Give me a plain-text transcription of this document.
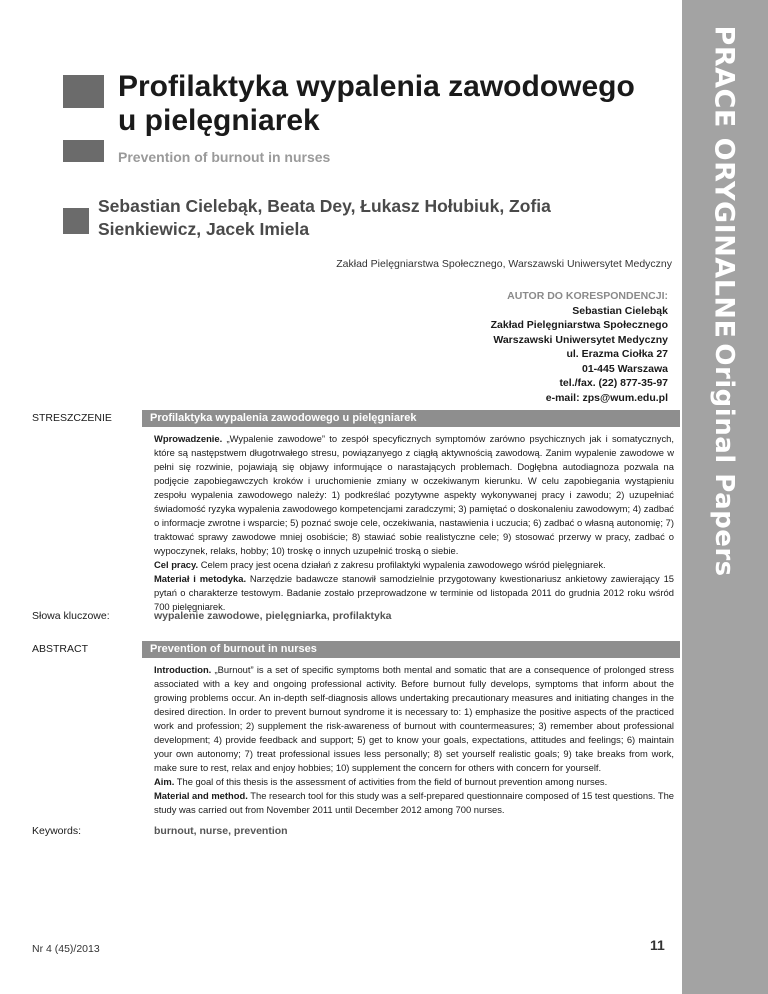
PRACE ORYGINALNE
Original Papers
Profilaktyka wypalenia zawodowego u pielęgniarek
Prevention of burnout in nurses
Sebastian Cielebąk, Beata Dey, Łukasz Hołubiuk, Zofia Sienkiewicz, Jacek Imiela
Zakład Pielęgniarstwa Społecznego, Warszawski Uniwersytet Medyczny
AUTOR DO KORESPONDENCJI:
Sebastian Cielebąk
Zakład Pielęgniarstwa Społecznego
Warszawski Uniwersytet Medyczny
ul. Erazma Ciołka 27
01-445 Warszawa
tel./fax. (22) 877-35-97
e-mail: zps@wum.edu.pl
STRESZCZENIE	Profilaktyka wypalenia zawodowego u pielęgniarek

Wprowadzenie. „Wypalenie zawodowe” to zespół specyficznych symptomów zarówno psychicznych jak i somatycznych, które są następstwem długotrwałego stresu, powiązanyego z ciągłą aktywnością zawodową. Zanim wypalenie zawodowe w pełni się rozwinie, pojawiają się objawy informujące o narastających problemach. Dogłębna autodiagnoza pozwala na podjęcie zapobiegawczych kroków i uruchomienie zmiany w oczekiwanym kierunku. W celu zapobiegania wystąpieniu zespołu wypalenia zawodowego należy: 1) podkreślać pozytywne aspekty wykonywanej pracy i zawodu; 2) uzupełniać świadomość ryzyka wypalenia zawodowego kompetencjami zaradczymi; 3) pamiętać o doskonaleniu zawodowym; 4) zadbać o informacje zwrotne i wsparcie; 5) poznać swoje cele, oczekiwania, nastawienia i uczucia; 6) zadbać o własną autonomię; 7) traktować sprawy zawodowe mniej osobiście; 8) stawiać sobie realistyczne cele; 9) stosować przerwy w pracy, zadbać o wypoczynek, relaks, hobby; 10) troskę o innych uzupełnić troską o siebie.

Cel pracy. Celem pracy jest ocena działań z zakresu profilaktyki wypalenia zawodowego wśród pielęgniarek.

Materiał i metodyka. Narzędzie badawcze stanowił samodzielnie przygotowany kwestionariusz ankietowy zawierający 15 pytań o charakterze testowym. Badanie zostało przeprowadzone w terminie od listopada 2011 do grudnia 2012 roku wśród 700 pielęgniarek.

Słowa kluczowe:	wypalenie zawodowe, pielęgniarka, profilaktyka
ABSTRACT	Prevention of burnout in nurses

Introduction. „Burnout” is a set of specific symptoms both mental and somatic that are a consequence of prolonged stress associated with a key and ongoing professional activity. Before burnout fully develops, symptoms that inform about the growing problems occur. An in-depth self-diagnosis allows undertaking precautionary measures and initiating changes in the desired direction. In order to prevent burnout syndrome it is necessary to: 1) emphasize the positive aspects of the practiced work and profession; 2) supplement the risk-awareness of burnout with countermeasures; 3) remember about professional development; 4) provide feedback and support; 5) get to know your goals, expectations, attitudes and feelings; 6) maintain your own autonomy; 7) treat professional issues less personally; 8) set yourself realistic goals; 9) take breaks from work, make sure to rest, relax and enjoy hobbies; 10) supplement the concern for others with concern for yourself.

Aim. The goal of this thesis is the assessment of activities from the field of burnout prevention among nurses.

Material and method. The research tool for this study was a self-prepared questionnaire composed of 15 test questions. The study was carried out from November 2011 until December 2012 among 700 nurses.

Keywords:	burnout, nurse, prevention
Nr 4 (45)/2013	11
